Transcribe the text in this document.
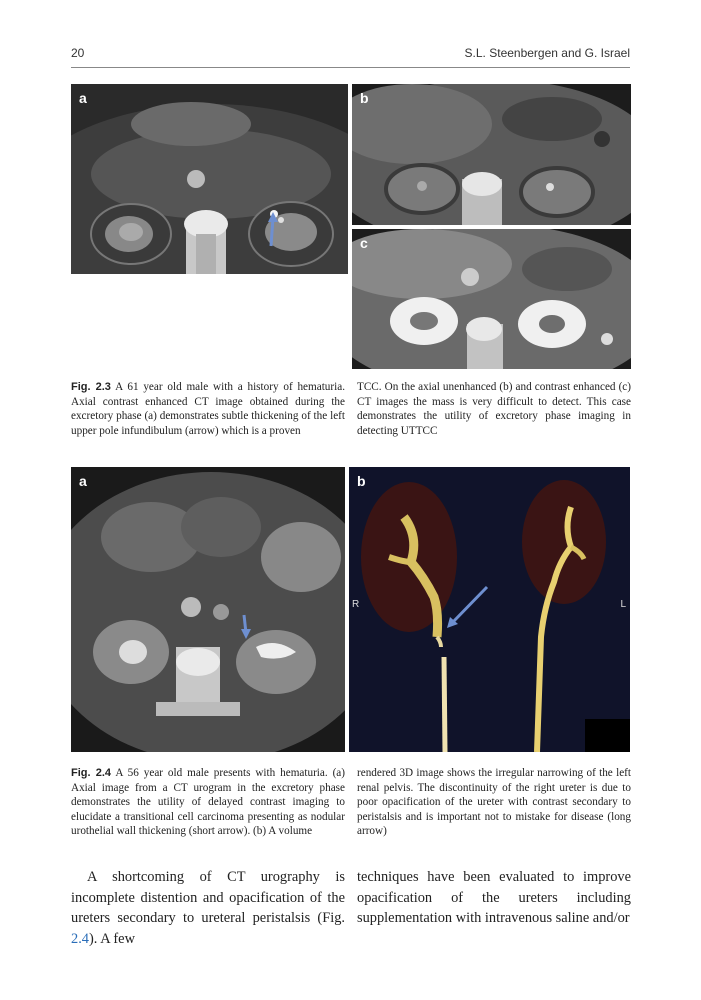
20	S.L. Steenbergen and G. Israel
a	b
c
Fig. 2.3 A 61 year old male with a history of hematuria. Axial contrast enhanced CT image obtained during the excretory phase (a) demonstrates subtle thickening of the left upper pole infundibulum (arrow) which is a proven
TCC. On the axial unenhanced (b) and contrast enhanced (c) CT images the mass is very difficult to detect. This case demonstrates the utility of excretory phase imaging in detecting UTTCC
a	b
R	L
Fig. 2.4 A 56 year old male presents with hematuria. (a) Axial image from a CT urogram in the excretory phase demonstrates the utility of delayed contrast imaging to elucidate a transitional cell carcinoma presenting as nodular urothelial wall thickening (short arrow). (b) A volume
rendered 3D image shows the irregular narrowing of the left renal pelvis. The discontinuity of the right ureter is due to poor opacification of the ureter with contrast secondary to peristalsis and is important not to mistake for disease (long arrow)
A shortcoming of CT urography is incomplete distention and opacification of the ureters secondary to ureteral peristalsis (Fig. 2.4). A few
techniques have been evaluated to improve opacification of the ureters including supplementation with intravenous saline and/or
